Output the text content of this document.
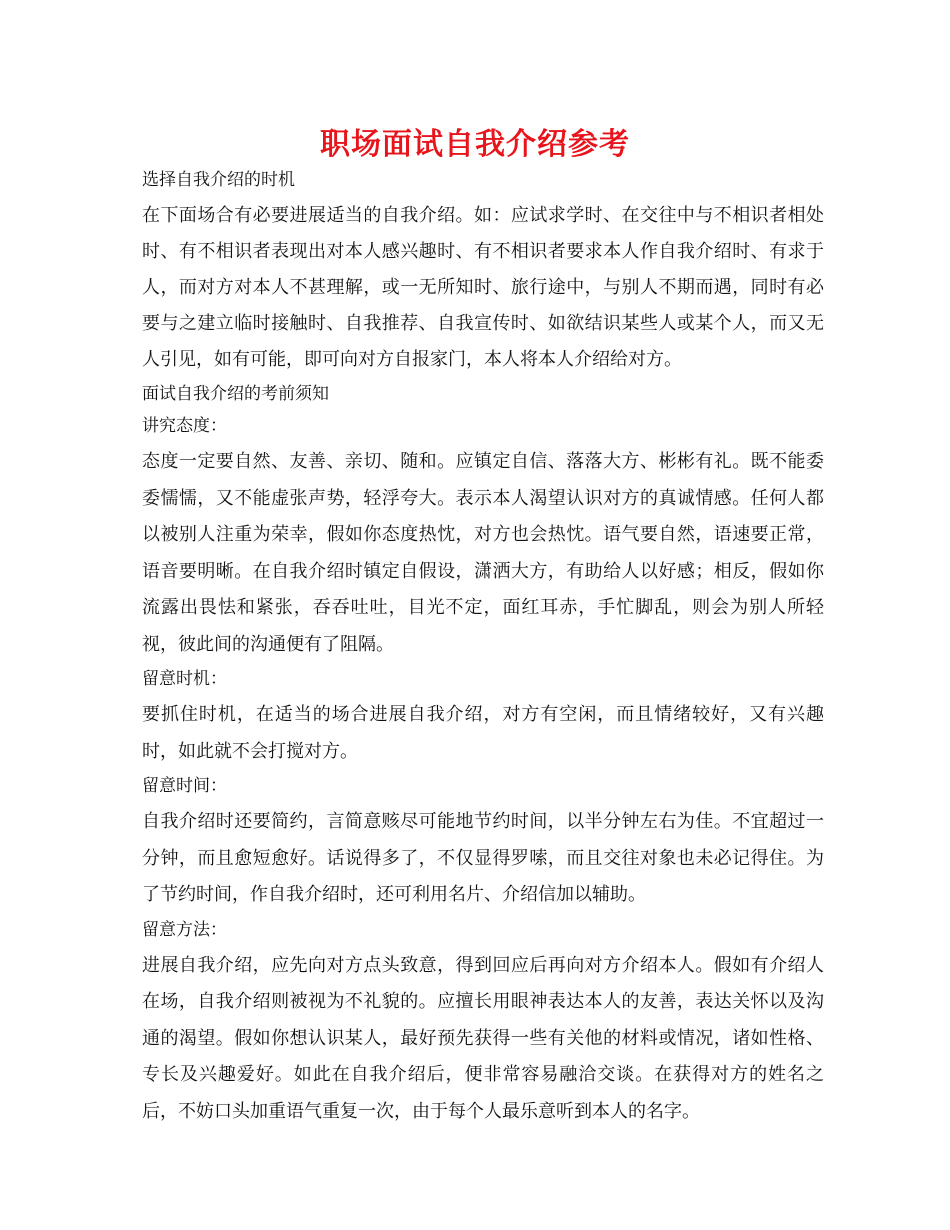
职场面试自我介绍参考
选择自我介绍的时机

在下面场合有必要进展适当的自我介绍。如：应试求学时、在交往中与不相识者相处时、有不相识者表现出对本人感兴趣时、有不相识者要求本人作自我介绍时、有求于人，而对方对本人不甚理解，或一无所知时、旅行途中，与别人不期而遇，同时有必要与之建立临时接触时、自我推荐、自我宣传时、如欲结识某些人或某个人，而又无人引见，如有可能，即可向对方自报家门，本人将本人介绍给对方。

面试自我介绍的考前须知
讲究态度：

态度一定要自然、友善、亲切、随和。应镇定自信、落落大方、彬彬有礼。既不能委委懦懦，又不能虚张声势，轻浮夸大。表示本人渴望认识对方的真诚情感。任何人都以被别人注重为荣幸，假如你态度热忱，对方也会热忱。语气要自然，语速要正常，语音要明晰。在自我介绍时镇定自假设，潇洒大方，有助给人以好感；相反，假如你流露出畏怯和紧张，吞吞吐吐，目光不定，面红耳赤，手忙脚乱，则会为别人所轻视，彼此间的沟通便有了阻隔。

留意时机：

要抓住时机，在适当的场合进展自我介绍，对方有空闲，而且情绪较好，又有兴趣时，如此就不会打搅对方。

留意时间：

自我介绍时还要简约，言简意赅尽可能地节约时间，以半分钟左右为佳。不宜超过一分钟，而且愈短愈好。话说得多了，不仅显得罗嗦，而且交往对象也未必记得住。为了节约时间，作自我介绍时，还可利用名片、介绍信加以辅助。

留意方法：

进展自我介绍，应先向对方点头致意，得到回应后再向对方介绍本人。假如有介绍人在场，自我介绍则被视为不礼貌的。应擅长用眼神表达本人的友善，表达关怀以及沟通的渴望。假如你想认识某人，最好预先获得一些有关他的材料或情况，诸如性格、专长及兴趣爱好。如此在自我介绍后，便非常容易融洽交谈。在获得对方的姓名之后，不妨口头加重语气重复一次，由于每个人最乐意听到本人的名字。
